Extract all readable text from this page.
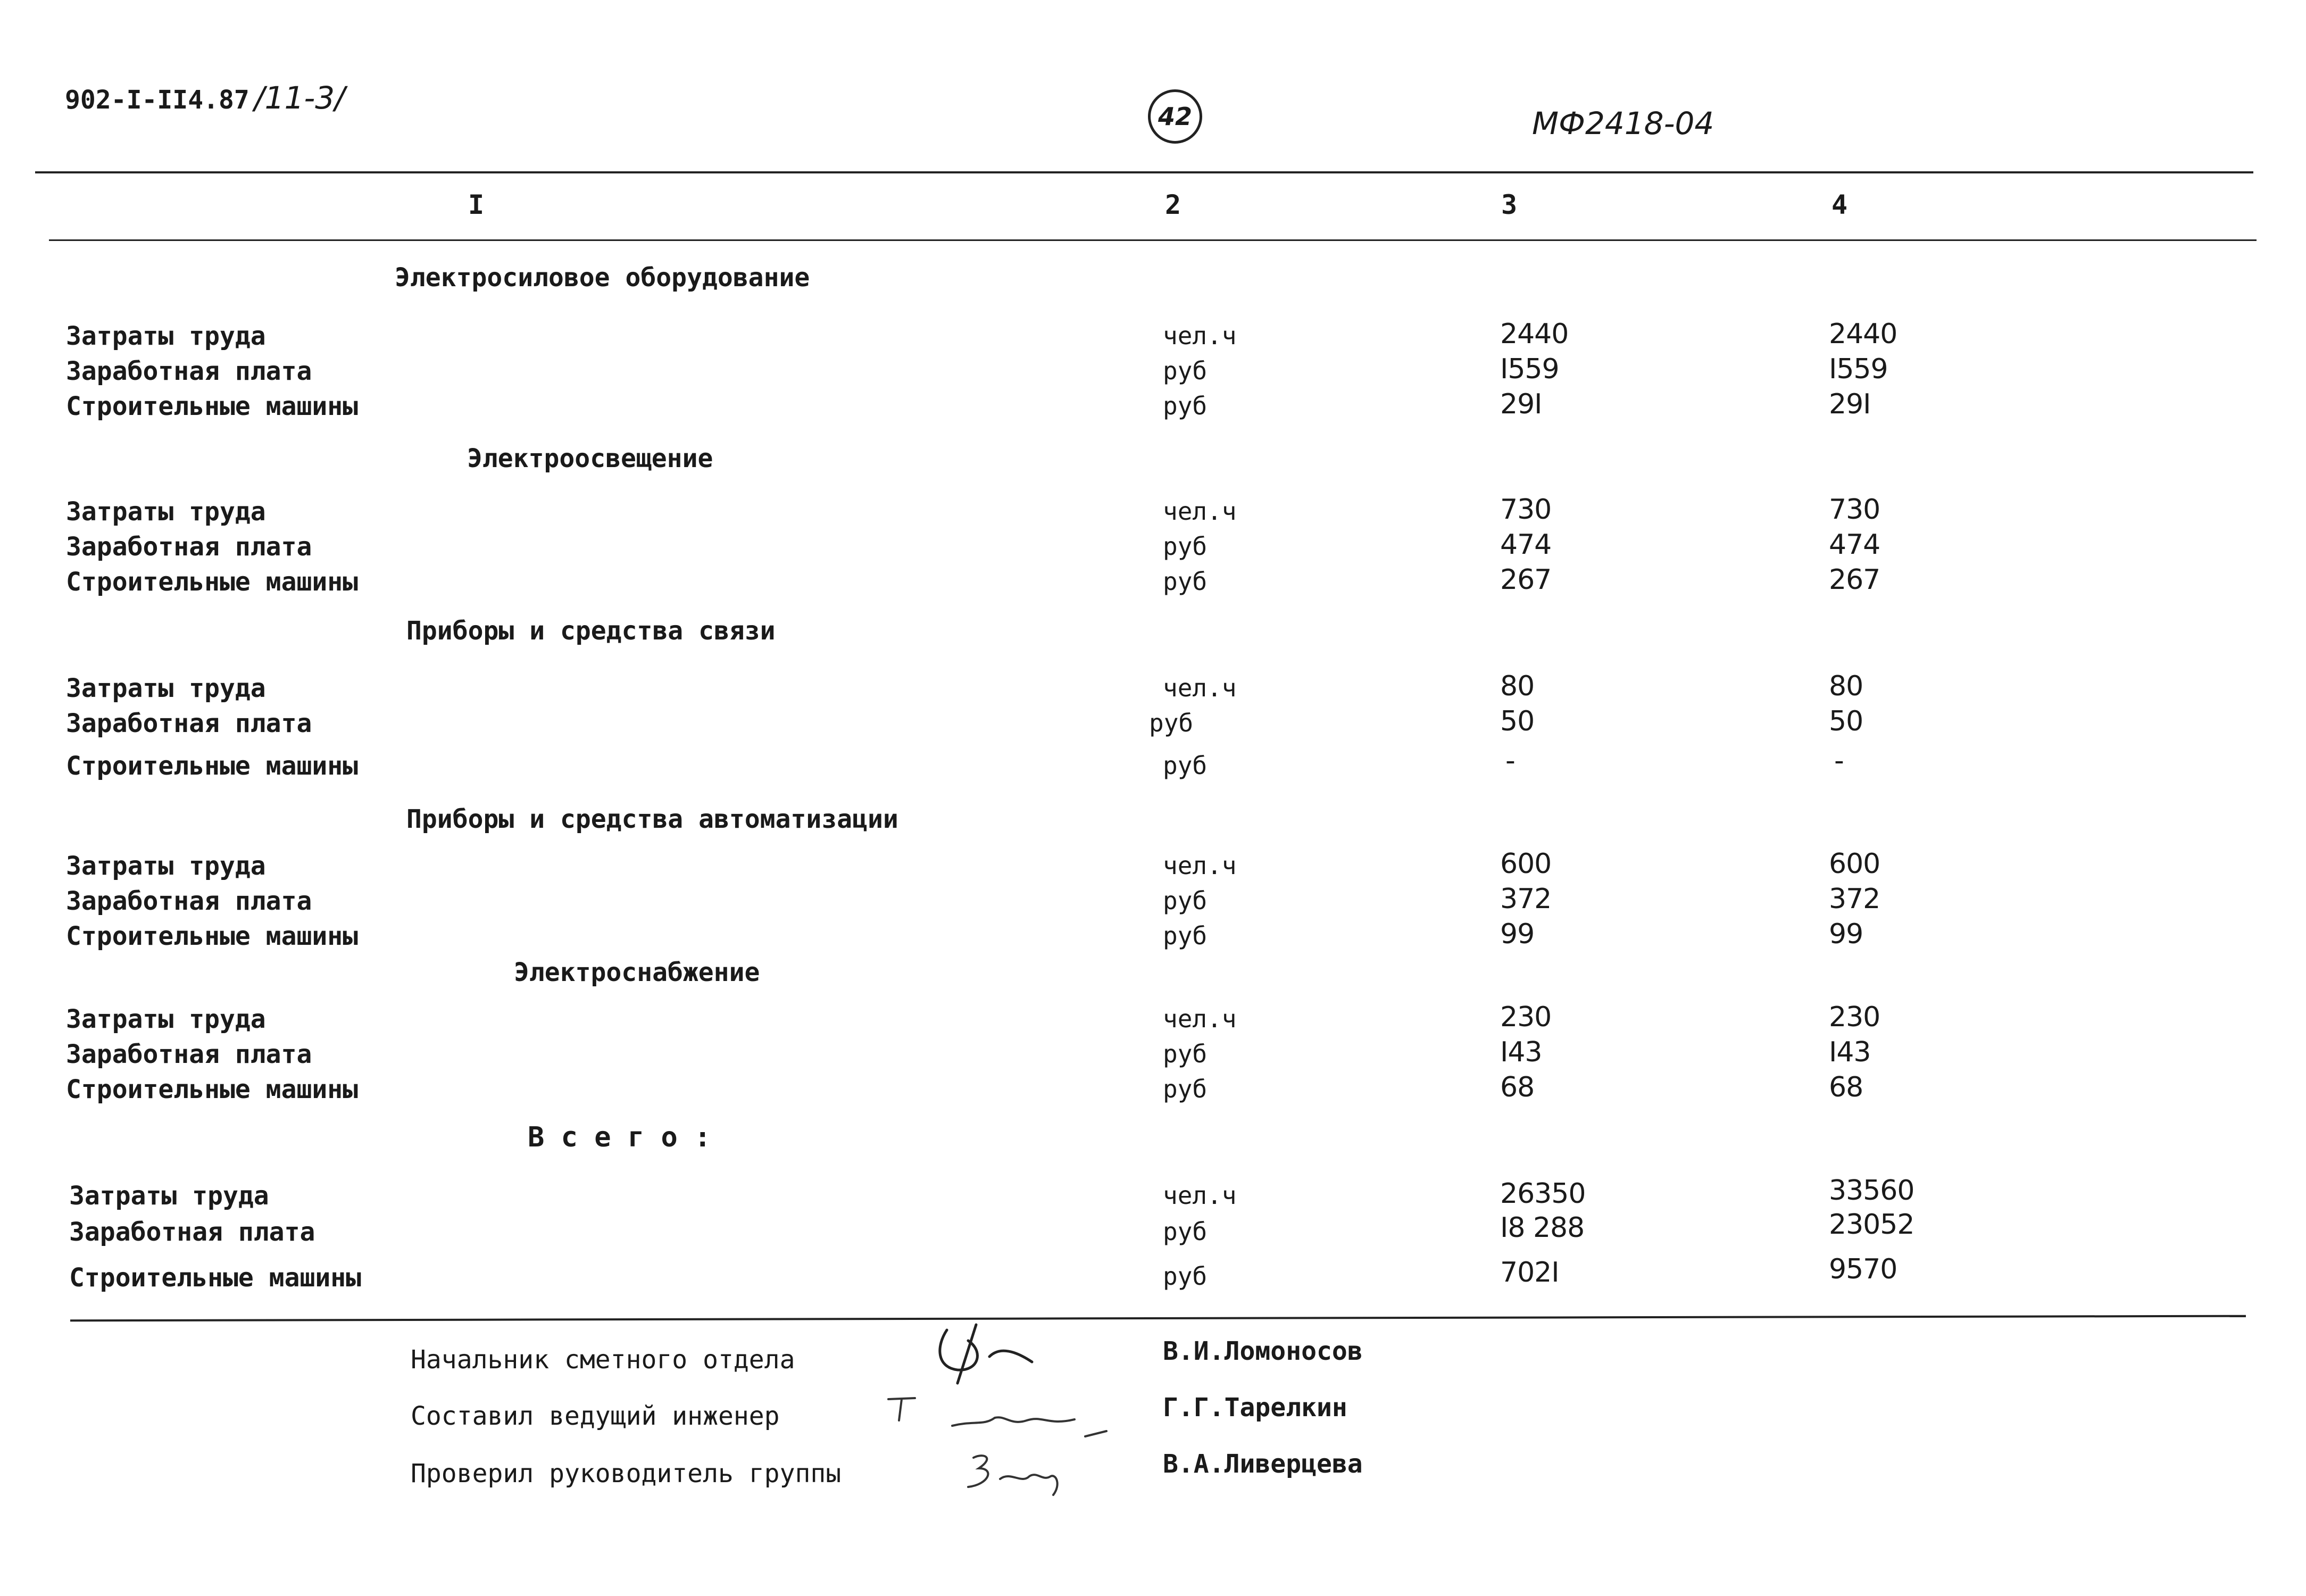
902-I-II4.87 /11-3/
42	МФ2418-04
I	2	3	4
Электросиловое оборудование
Затраты труда	чел.ч	2440	2440
Заработная плата	руб	I559	I559
Строительные машины	руб	29I	29I
Электроосвещение
Затраты труда	чел.ч	730	730
Заработная плата	руб	474	474
Строительные машины	руб	267	267
Приборы и средства связи
Затраты труда	чел.ч	80	80
Заработная плата	руб	50	50
Строительные машины	руб	-	-
Приборы и средства автоматизации
Затраты труда	чел.ч	600	600
Заработная плата	руб	372	372
Строительные машины	руб	99	99
Электроснабжение
Затраты труда	чел.ч	230	230
Заработная плата	руб	I43	I43
Строительные машины	руб	68	68
В с е г о :
Затраты труда	чел.ч	26350	33560
Заработная плата	руб	I8 288	23052
Строительные машины	руб	702I	9570
Начальник сметного отдела	В.И.Ломоносов
Составил ведущий инженер	Г.Г.Тарелкин
Проверил руководитель группы	В.А.Ливерцева
